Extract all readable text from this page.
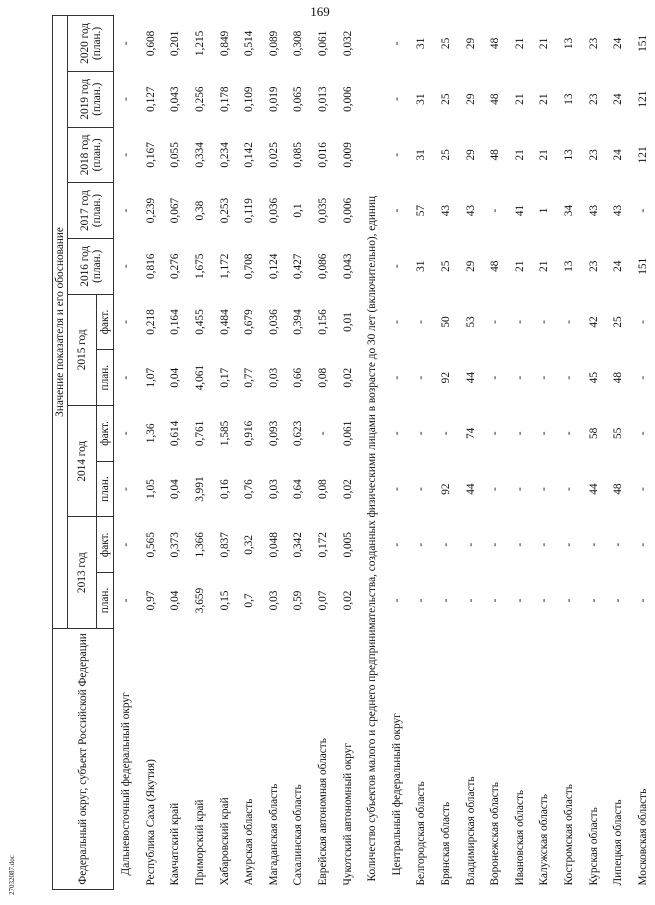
169
27032087.doc	Федеральный округ, субъект Российской Федерации	Значение показателя и его обоснование										
	2013 год		2014 год		2015 год		2016 год (план.)	2017 год (план.)	2018 год (план.)	2019 год (план.)	2020 год (план.)
	план.	факт.	план.	факт.	план.	факт.					
Дальневосточный федеральный округ	-	-	-	-	-	-	-	-	-	-	-
Республика Саха (Якутия)	0,97	0,565	1,05	1,36	1,07	0,218	0,816	0,239	0,167	0,127	0,608
Камчатский край	0,04	0,373	0,04	0,614	0,04	0,164	0,276	0,067	0,055	0,043	0,201
Приморский край	3,659	1,366	3,991	0,761	4,061	0,455	1,675	0,38	0,334	0,256	1,215
Хабаровский край	0,15	0,837	0,16	1,585	0,17	0,484	1,172	0,253	0,234	0,178	0,849
Амурская область	0,7	0,32	0,76	0,916	0,77	0,679	0,708	0,119	0,142	0,109	0,514
Магаданская область	0,03	0,048	0,03	0,093	0,03	0,036	0,124	0,036	0,025	0,019	0,089
Сахалинская область	0,59	0,342	0,64	0,623	0,66	0,394	0,427	0,1	0,085	0,065	0,308
Еврейская автономная область	0,07	0,172	0,08	-	0,08	0,156	0,086	0,035	0,016	0,013	0,061
Чукотский автономный округ	0,02	0,005	0,02	0,061	0,02	0,01	0,043	0,006	0,009	0,006	0,032
Количество субъектов малого и среднего предпринимательства, созданных физическими лицами в возрасте до 30 лет (включительно), единиц											
Центральный федеральный округ	-	-	-	-	-	-	-	-	-	-	-
Белгородская область	-	-	-	-	-	-	31	57	31	31	31
Брянская область	-	-	92	-	92	50	25	43	25	25	25
Владимирская область	-	-	44	74	44	53	29	43	29	29	29
Воронежская область	-	-	-	-	-	-	48	-	48	48	48
Ивановская область	-	-	-	-	-	-	21	41	21	21	21
Калужская область	-	-	-	-	-	-	21	1	21	21	21
Костромская область	-	-	-	-	-	-	13	34	13	13	13
Курская область	-	-	44	58	45	42	23	43	23	23	23
Липецкая область	-	-	48	55	48	25	24	43	24	24	24
Московская область	-	-	-	-	-	-	151	-	121	121	151
